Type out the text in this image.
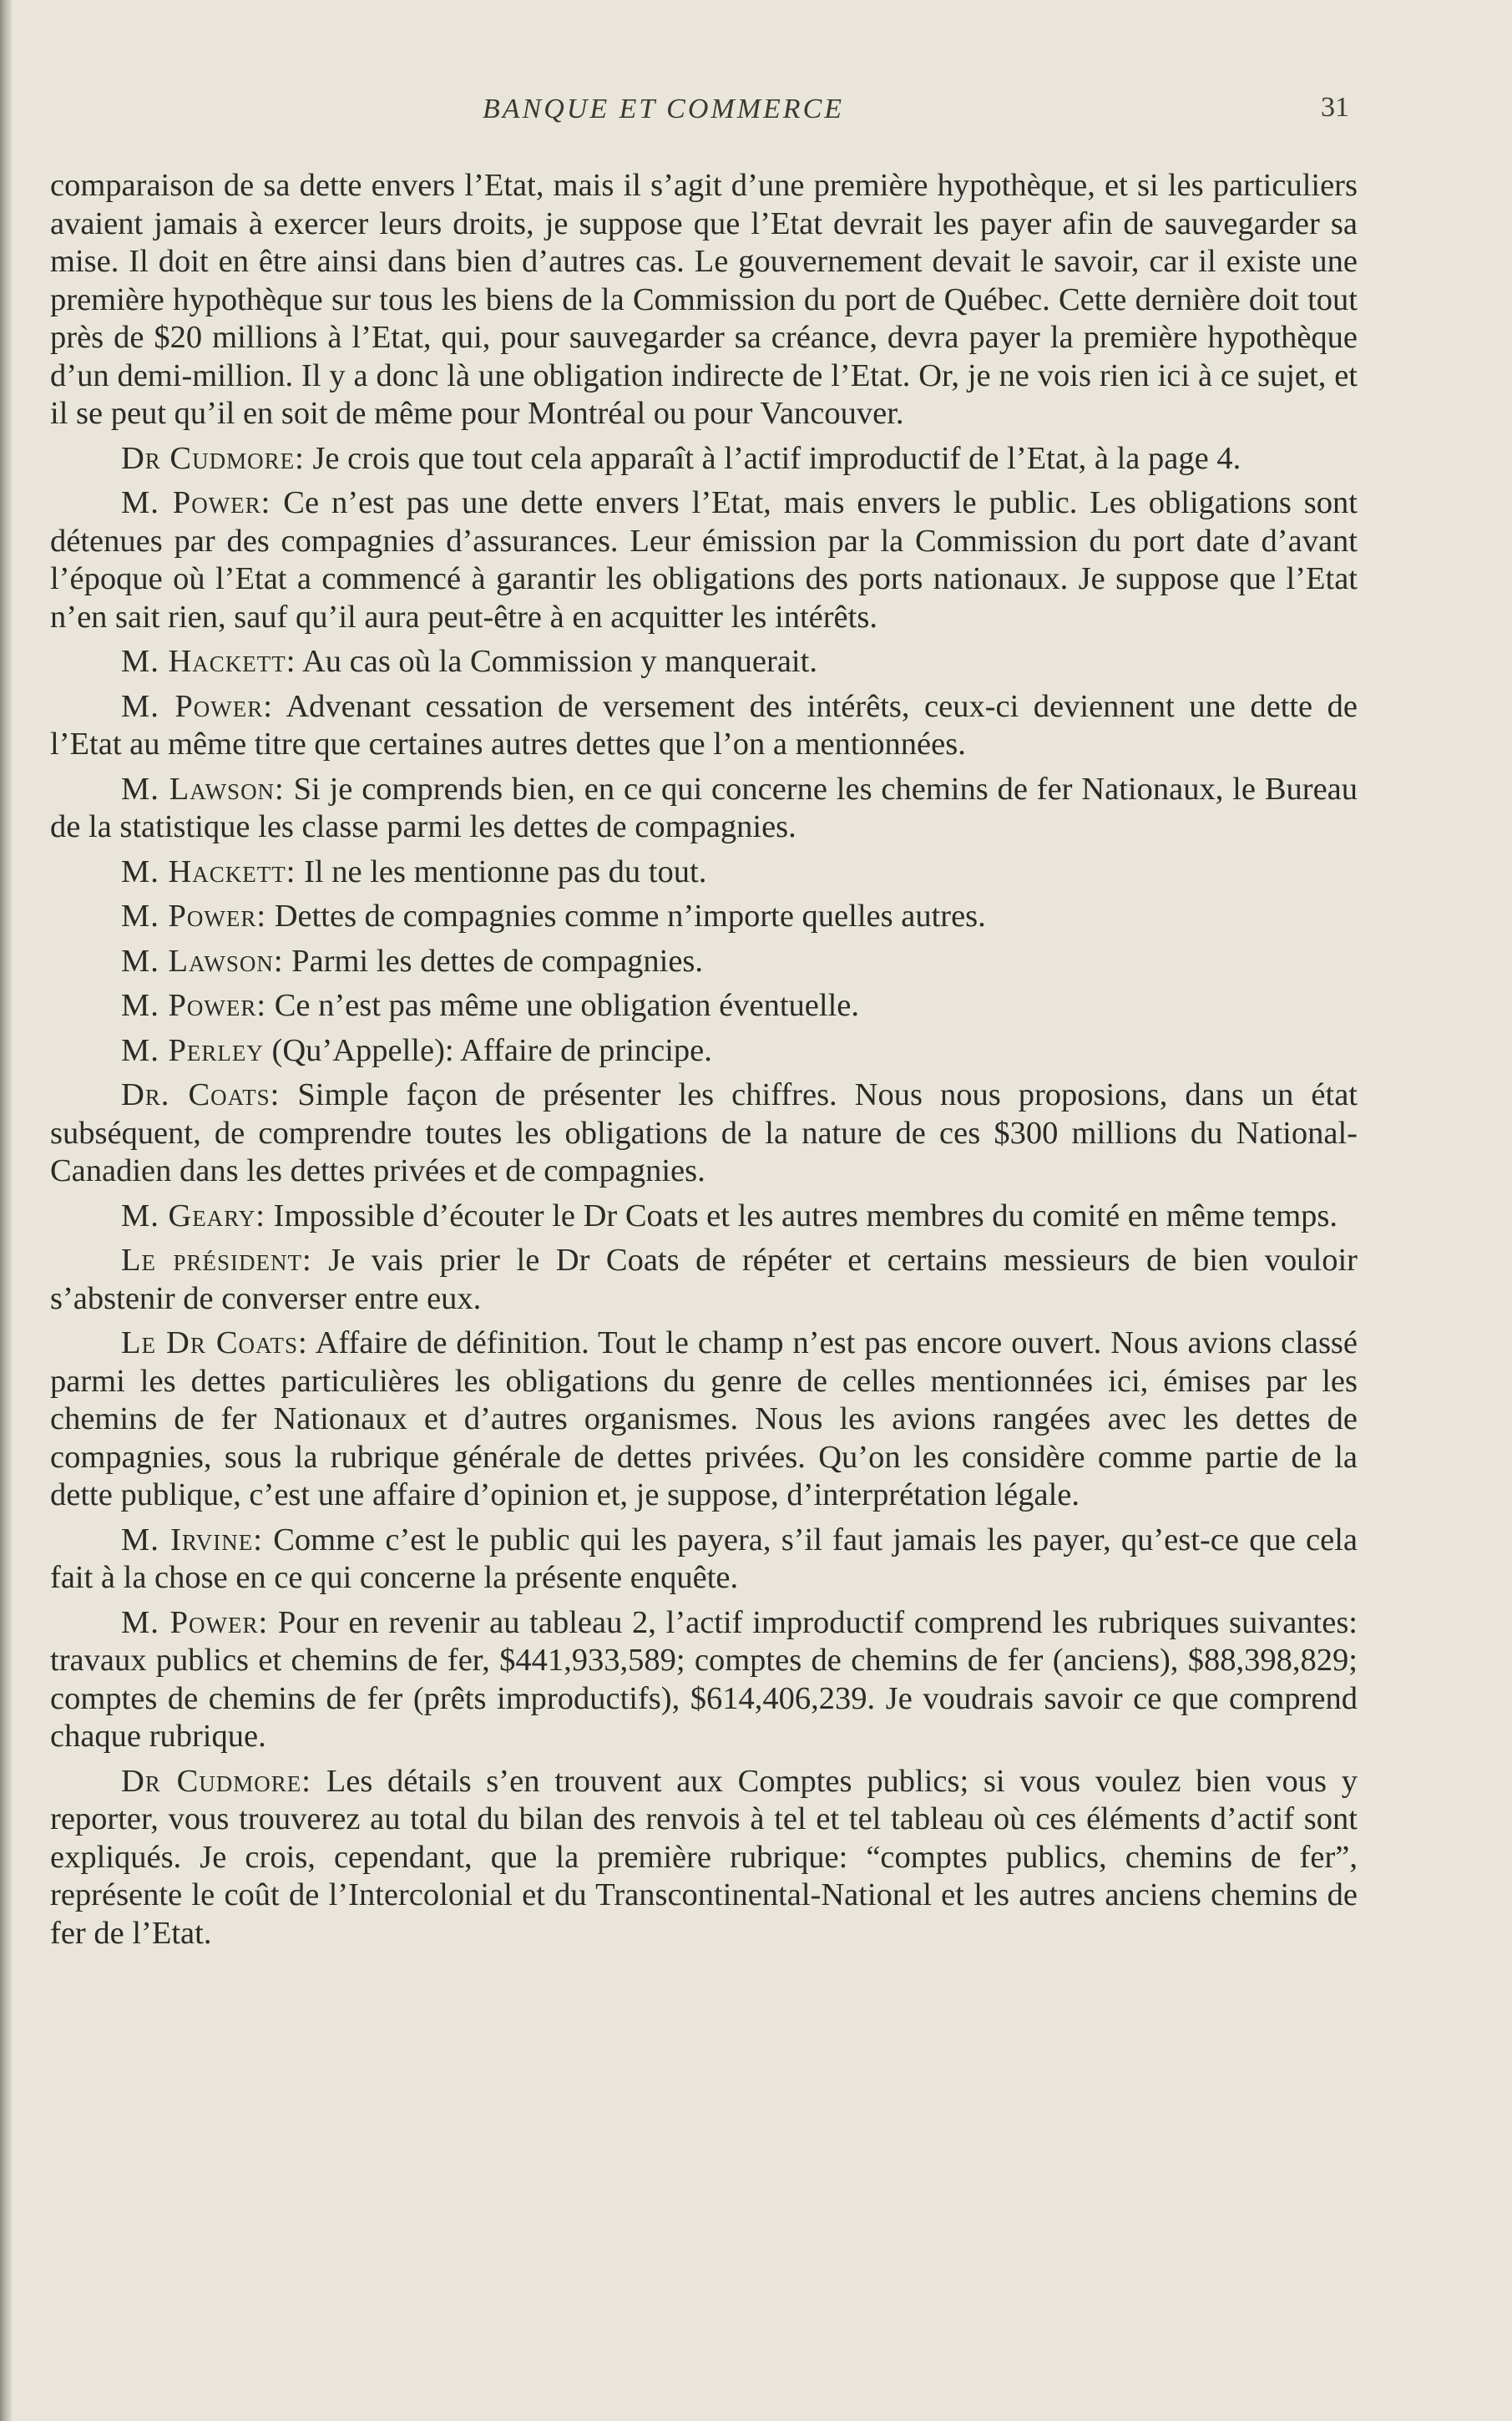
BANQUE ET COMMERCE	31

comparaison de sa dette envers l’Etat, mais il s’agit d’une première hypothèque, et si les particuliers avaient jamais à exercer leurs droits, je suppose que l’Etat devrait les payer afin de sauvegarder sa mise. Il doit en être ainsi dans bien d’autres cas. Le gouvernement devait le savoir, car il existe une première hypothèque sur tous les biens de la Commission du port de Québec. Cette dernière doit tout près de $20 millions à l’Etat, qui, pour sauvegarder sa créance, devra payer la première hypothèque d’un demi-million. Il y a donc là une obligation indirecte de l’Etat. Or, je ne vois rien ici à ce sujet, et il se peut qu’il en soit de même pour Montréal ou pour Vancouver.

Dr Cudmore: Je crois que tout cela apparaît à l’actif improductif de l’Etat, à la page 4.

M. Power: Ce n’est pas une dette envers l’Etat, mais envers le public. Les obligations sont détenues par des compagnies d’assurances. Leur émission par la Commission du port date d’avant l’époque où l’Etat a commencé à garantir les obligations des ports nationaux. Je suppose que l’Etat n’en sait rien, sauf qu’il aura peut-être à en acquitter les intérêts.

M. Hackett: Au cas où la Commission y manquerait.

M. Power: Advenant cessation de versement des intérêts, ceux-ci deviennent une dette de l’Etat au même titre que certaines autres dettes que l’on a mentionnées.

M. Lawson: Si je comprends bien, en ce qui concerne les chemins de fer Nationaux, le Bureau de la statistique les classe parmi les dettes de compagnies.

M. Hackett: Il ne les mentionne pas du tout.

M. Power: Dettes de compagnies comme n’importe quelles autres.

M. Lawson: Parmi les dettes de compagnies.

M. Power: Ce n’est pas même une obligation éventuelle.

M. Perley (Qu’Appelle): Affaire de principe.

Dr. Coats: Simple façon de présenter les chiffres. Nous nous proposions, dans un état subséquent, de comprendre toutes les obligations de la nature de ces $300 millions du National-Canadien dans les dettes privées et de compagnies.

M. Geary: Impossible d’écouter le Dr Coats et les autres membres du comité en même temps.

Le président: Je vais prier le Dr Coats de répéter et certains messieurs de bien vouloir s’abstenir de converser entre eux.

Le Dr Coats: Affaire de définition. Tout le champ n’est pas encore ouvert. Nous avions classé parmi les dettes particulières les obligations du genre de celles mentionnées ici, émises par les chemins de fer Nationaux et d’autres organismes. Nous les avions rangées avec les dettes de compagnies, sous la rubrique générale de dettes privées. Qu’on les considère comme partie de la dette publique, c’est une affaire d’opinion et, je suppose, d’interprétation légale.

M. Irvine: Comme c’est le public qui les payera, s’il faut jamais les payer, qu’est-ce que cela fait à la chose en ce qui concerne la présente enquête.

M. Power: Pour en revenir au tableau 2, l’actif improductif comprend les rubriques suivantes: travaux publics et chemins de fer, $441,933,589; comptes de chemins de fer (anciens), $88,398,829; comptes de chemins de fer (prêts improductifs), $614,406,239. Je voudrais savoir ce que comprend chaque rubrique.

Dr Cudmore: Les détails s’en trouvent aux Comptes publics; si vous voulez bien vous y reporter, vous trouverez au total du bilan des renvois à tel et tel tableau où ces éléments d’actif sont expliqués. Je crois, cependant, que la première rubrique: “comptes publics, chemins de fer”, représente le coût de l’Intercolonial et du Transcontinental-National et les autres anciens chemins de fer de l’Etat.
